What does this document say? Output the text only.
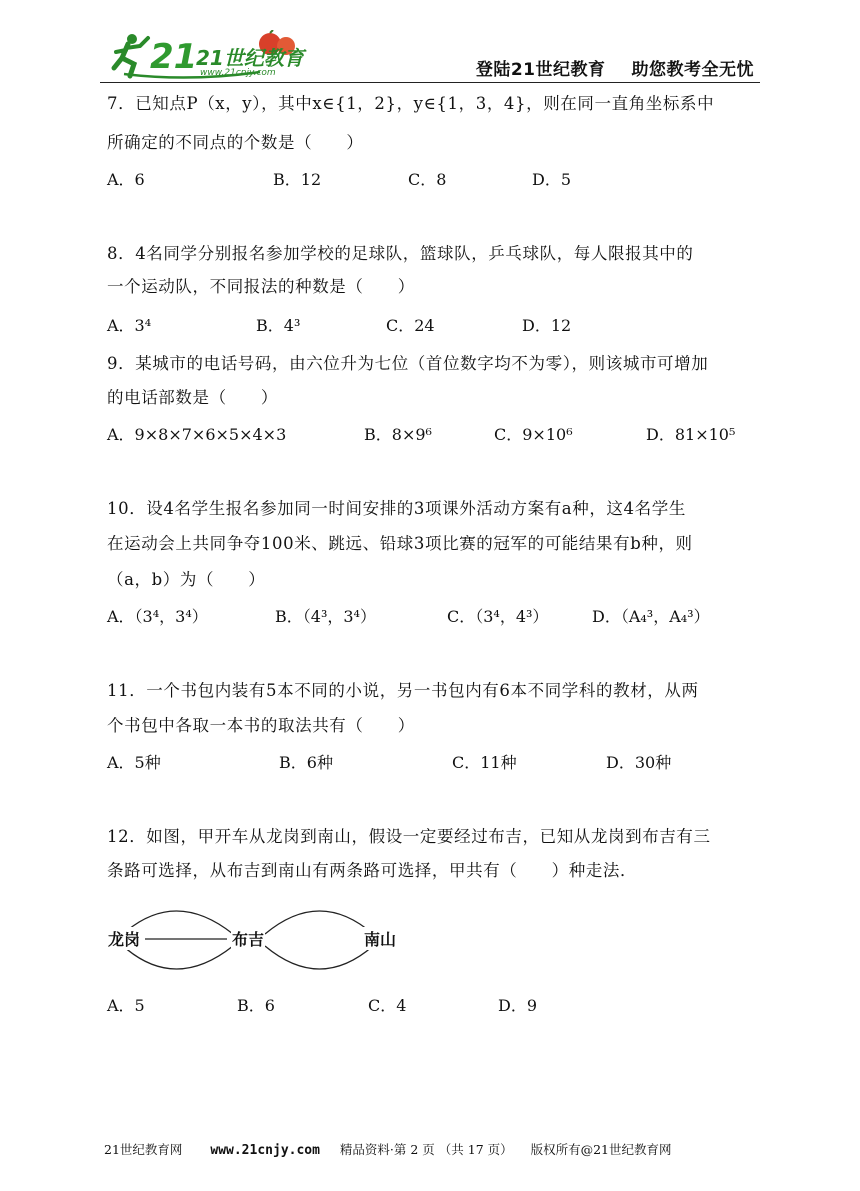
21
21世纪教育
www.21cnjy.com	登陆21世纪教育 助您教考全无忧
7．已知点P（x，y），其中x∈{1，2}，y∈{1，3，4}，则在同一直角坐标系中
所确定的不同点的个数是（　　）
A．6	B．12	C．8	D．5
8．4名同学分别报名参加学校的足球队，篮球队，乒乓球队，每人限报其中的
一个运动队，不同报法的种数是（　　）
A．3⁴	B．4³	C．24	D．12
9．某城市的电话号码，由六位升为七位（首位数字均不为零），则该城市可增加
的电话部数是（　　）
A．9×8×7×6×5×4×3	B．8×9⁶	C．9×10⁶	D．81×10⁵
10．设4名学生报名参加同一时间安排的3项课外活动方案有a种，这4名学生
在运动会上共同争夺100米、跳远、铅球3项比赛的冠军的可能结果有b种，则
（a，b）为（　　）
A．（3⁴，3⁴）	B．（4³，3⁴）	C．（3⁴，4³）	D．（A₄³，A₄³）
11．一个书包内装有5本不同的小说，另一书包内有6本不同学科的教材，从两
个书包中各取一本书的取法共有（　　）
A．5种	B．6种	C．11种	D．30种
12．如图，甲开车从龙岗到南山，假设一定要经过布吉，已知从龙岗到布吉有三
条路可选择，从布吉到南山有两条路可选择，甲共有（　　）种走法．
龙岗	布吉	南山
A．5	B．6	C．4	D．9
21世纪教育网 www.21cnjy.com 精品资料·第 2 页 （共 17 页） 版权所有@21世纪教育网
